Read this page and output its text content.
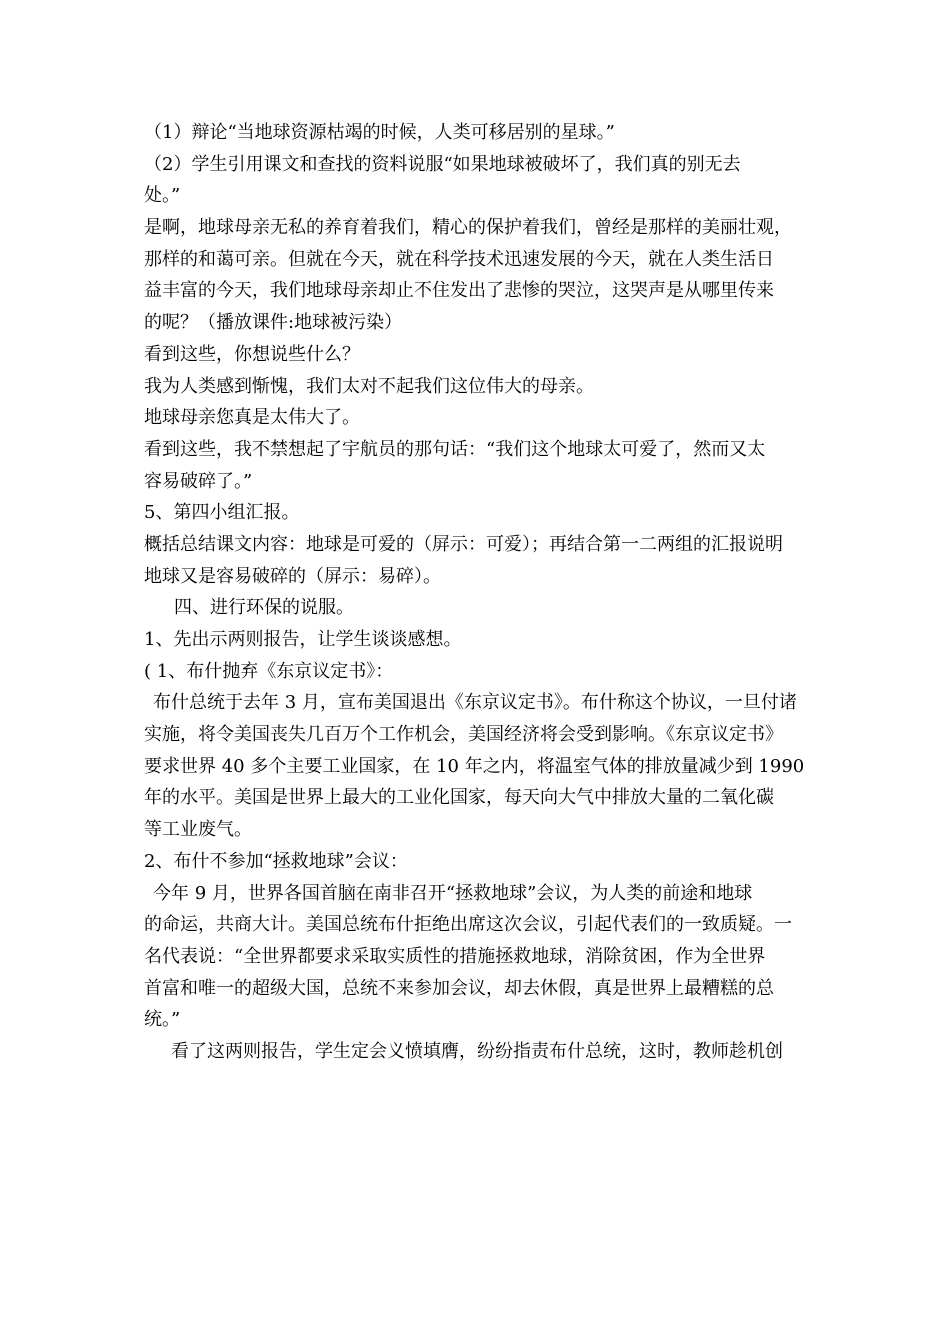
（1）辩论“当地球资源枯竭的时候，人类可移居别的星球。”
（2）学生引用课文和查找的资料说服“如果地球被破坏了，我们真的别无去
处。”
是啊，地球母亲无私的养育着我们，精心的保护着我们，曾经是那样的美丽壮观，
那样的和蔼可亲。但就在今天，就在科学技术迅速发展的今天，就在人类生活日
益丰富的今天，我们地球母亲却止不住发出了悲惨的哭泣，这哭声是从哪里传来
的呢？（播放课件:地球被污染）
看到这些，你想说些什么？
我为人类感到惭愧，我们太对不起我们这位伟大的母亲。
地球母亲您真是太伟大了。
看到这些，我不禁想起了宇航员的那句话：“我们这个地球太可爱了，然而又太
容易破碎了。”
5、第四小组汇报。
概括总结课文内容：地球是可爱的（屏示：可爱）；再结合第一二两组的汇报说明
地球又是容易破碎的（屏示：易碎）。
四、进行环保的说服。
1、先出示两则报告，让学生谈谈感想。
( 1、布什抛弃《东京议定书》：
布什总统于去年 3 月，宣布美国退出《东京议定书》。布什称这个协议，一旦付诸
实施，将令美国丧失几百万个工作机会，美国经济将会受到影响。《东京议定书》
要求世界 40 多个主要工业国家，在 10 年之内，将温室气体的排放量减少到 1990
年的水平。美国是世界上最大的工业化国家，每天向大气中排放大量的二氧化碳
等工业废气。
2、布什不参加“拯救地球”会议：
今年 9 月，世界各国首脑在南非召开“拯救地球”会议，为人类的前途和地球
的命运，共商大计。美国总统布什拒绝出席这次会议，引起代表们的一致质疑。一
名代表说：“全世界都要求采取实质性的措施拯救地球，消除贫困，作为全世界
首富和唯一的超级大国，总统不来参加会议，却去休假，真是世界上最糟糕的总
统。”
看了这两则报告，学生定会义愤填膺，纷纷指责布什总统，这时，教师趁机创
